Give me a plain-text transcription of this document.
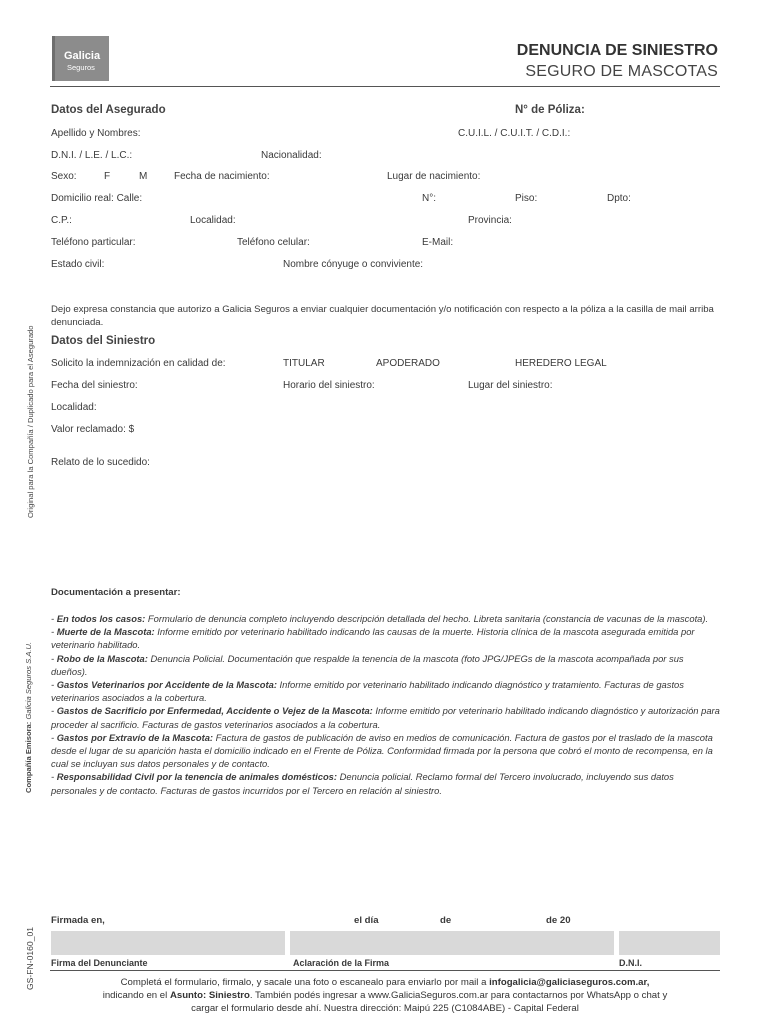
Galicia
Seguros
DENUNCIA DE SINIESTRO
SEGURO DE MASCOTAS
Original para la Compañía / Duplicado para el Asegurado
Compañía Emisora: Galicia Seguros S.A.U.
GS-FN-0160_01
Datos del Asegurado	N° de Póliza:
Apellido y Nombres:	C.U.I.L. / C.U.I.T. / C.D.I.:
D.N.I. / L.E. / L.C.:	Nacionalidad:
Sexo:	F	M	Fecha de nacimiento:	Lugar de nacimiento:
Domicilio real: Calle:	N°:	Piso:	Dpto:
C.P.:	Localidad:	Provincia:
Teléfono particular:	Teléfono celular:	E-Mail:
Estado civil:	Nombre cónyuge o conviviente:
Dejo expresa constancia que autorizo a Galicia Seguros a enviar cualquier documentación y/o notificación con respecto a la póliza a la casilla de mail arriba denunciada.
Datos del Siniestro
Solicito la indemnización en calidad de:	TITULAR	APODERADO	HEREDERO LEGAL
Fecha del siniestro:	Horario del siniestro:	Lugar del siniestro:
Localidad:
Valor reclamado: $
Relato de lo sucedido:
Documentación a presentar:
- En todos los casos: Formulario de denuncia completo incluyendo descripción detallada del hecho. Libreta sanitaria (constancia de vacunas de la mascota).
- Muerte de la Mascota: Informe emitido por veterinario habilitado indicando las causas de la muerte. Historia clínica de la mascota asegurada emitida por veterinario habilitado.
- Robo de la Mascota: Denuncia Policial. Documentación que respalde la tenencia de la mascota (foto JPG/JPEGs de la mascota acompañada por sus dueños).
- Gastos Veterinarios por Accidente de la Mascota: Informe emitido por veterinario habilitado indicando diagnóstico y tratamiento. Facturas de gastos veterinarios asociados a la cobertura.
- Gastos de Sacrificio por Enfermedad, Accidente o Vejez de la Mascota: Informe emitido por veterinario habilitado indicando diagnóstico y autorización para proceder al sacrificio. Facturas de gastos veterinarios asociados a la cobertura.
- Gastos por Extravío de la Mascota: Factura de gastos de publicación de aviso en medios de comunicación. Factura de gastos por el traslado de la mascota desde el lugar de su aparición hasta el domicilio indicado en el Frente de Póliza. Conformidad firmada por la persona que cobró el monto de recompensa, en la cual se incluyan sus datos personales y de contacto.
- Responsabilidad Civil por la tenencia de animales domésticos: Denuncia policial. Reclamo formal del Tercero involucrado, incluyendo sus datos personales y de contacto. Facturas de gastos incurridos por el Tercero en relación al siniestro.
Firmada en,	el día	de	de 20
Firma del Denunciante	Aclaración de la Firma	D.N.I.
Completá el formulario, firmalo, y sacale una foto o escanealo para enviarlo por mail a infogalicia@galiciaseguros.com.ar,
indicando en el Asunto: Siniestro. También podés ingresar a www.GaliciaSeguros.com.ar para contactarnos por WhatsApp o chat y
cargar el formulario desde ahí. Nuestra dirección: Maipú 225 (C1084ABE) - Capital Federal
